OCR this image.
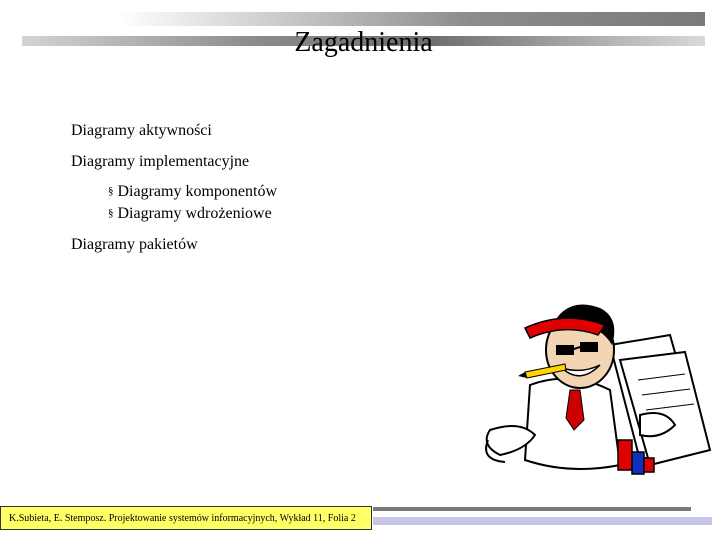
Zagadnienia
Diagramy aktywności
Diagramy implementacyjne
§ Diagramy komponentów
§ Diagramy wdrożeniowe
Diagramy pakietów
K.Subieta, E. Stemposz. Projektowanie systemów informacyjnych, Wykład 11, Folia 2
